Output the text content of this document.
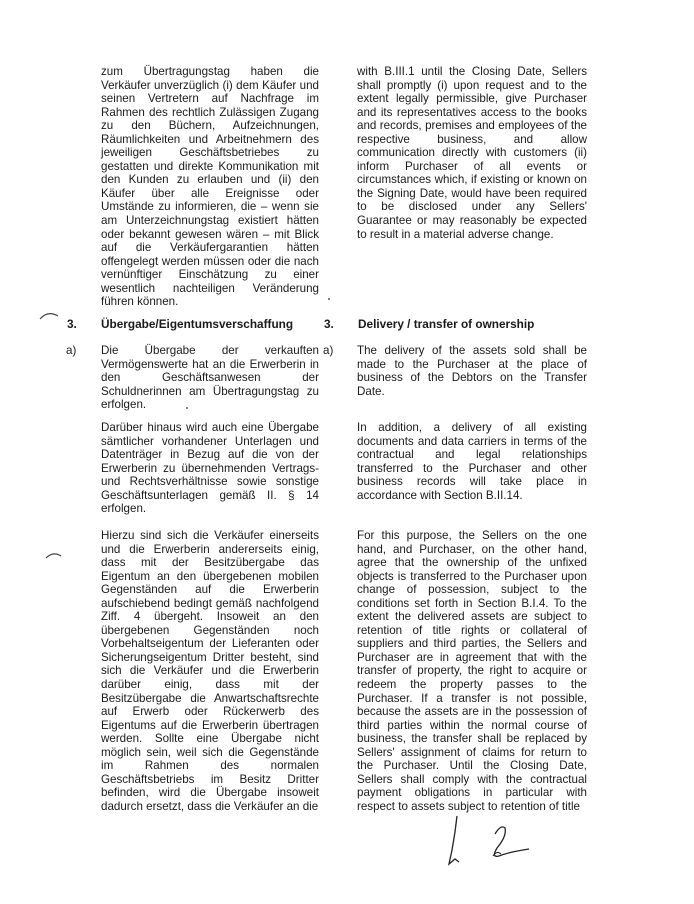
zum Übertragungstag haben die Verkäufer unverzüglich (i) dem Käufer und seinen Vertretern auf Nachfrage im Rahmen des rechtlich Zulässigen Zugang zu den Büchern, Aufzeichnungen, Räumlichkeiten und Arbeitnehmern des jeweiligen Geschäftsbetriebes zu gestatten und direkte Kommunikation mit den Kunden zu erlauben und (ii) den Käufer über alle Ereignisse oder Umstände zu informieren, die – wenn sie am Unterzeichnungstag existiert hätten oder bekannt gewesen wären – mit Blick auf die Verkäufergarantien hätten offengelegt werden müssen oder die nach vernünftiger Einschätzung zu einer wesentlich nachteiligen Veränderung führen können.

3. Übergabe/Eigentumsverschaffung
a) Die Übergabe der verkauften Vermögenswerte hat an die Erwerberin in den Geschäftsanwesen der Schuldnerinnen am Übertragungstag zu erfolgen.

Darüber hinaus wird auch eine Übergabe sämtlicher vorhandener Unterlagen und Datenträger in Bezug auf die von der Erwerberin zu übernehmenden Vertrags- und Rechtsverhältnisse sowie sonstige Geschäftsunterlagen gemäß II. § 14 erfolgen.

Hierzu sind sich die Verkäufer einerseits und die Erwerberin andererseits einig, dass mit der Besitzübergabe das Eigentum an den übergebenen mobilen Gegenständen auf die Erwerberin aufschiebend bedingt gemäß nachfolgend Ziff. 4 übergeht. Insoweit an den übergebenen Gegenständen noch Vorbehaltseigentum der Lieferanten oder Sicherungseigentum Dritter besteht, sind sich die Verkäufer und die Erwerberin darüber einig, dass mit der Besitzübergabe die Anwartschaftsrechte auf Erwerb oder Rückerwerb des Eigentums auf die Erwerberin übertragen werden. Sollte eine Übergabe nicht möglich sein, weil sich die Gegenstände im Rahmen des normalen Geschäftsbetriebs im Besitz Dritter befinden, wird die Übergabe insoweit dadurch ersetzt, dass die Verkäufer an die

with B.III.1 until the Closing Date, Sellers shall promptly (i) upon request and to the extent legally permissible, give Purchaser and its representatives access to the books and records, premises and employees of the respective business, and allow communication directly with customers (ii) inform Purchaser of all events or circumstances which, if existing or known on the Signing Date, would have been required to be disclosed under any Sellers' Guarantee or may reasonably be expected to result in a material adverse change.

3. Delivery / transfer of ownership
a) The delivery of the assets sold shall be made to the Purchaser at the place of business of the Debtors on the Transfer Date.

In addition, a delivery of all existing documents and data carriers in terms of the contractual and legal relationships transferred to the Purchaser and other business records will take place in accordance with Section B.II.14.

For this purpose, the Sellers on the one hand, and Purchaser, on the other hand, agree that the ownership of the unfixed objects is transferred to the Purchaser upon change of possession, subject to the conditions set forth in Section B.I.4. To the extent the delivered assets are subject to retention of title rights or collateral of suppliers and third parties, the Sellers and Purchaser are in agreement that with the transfer of property, the right to acquire or redeem the property passes to the Purchaser. If a transfer is not possible, because the assets are in the possession of third parties within the normal course of business, the transfer shall be replaced by Sellers' assignment of claims for return to the Purchaser. Until the Closing Date, Sellers shall comply with the contractual payment obligations in particular with respect to assets subject to retention of title
